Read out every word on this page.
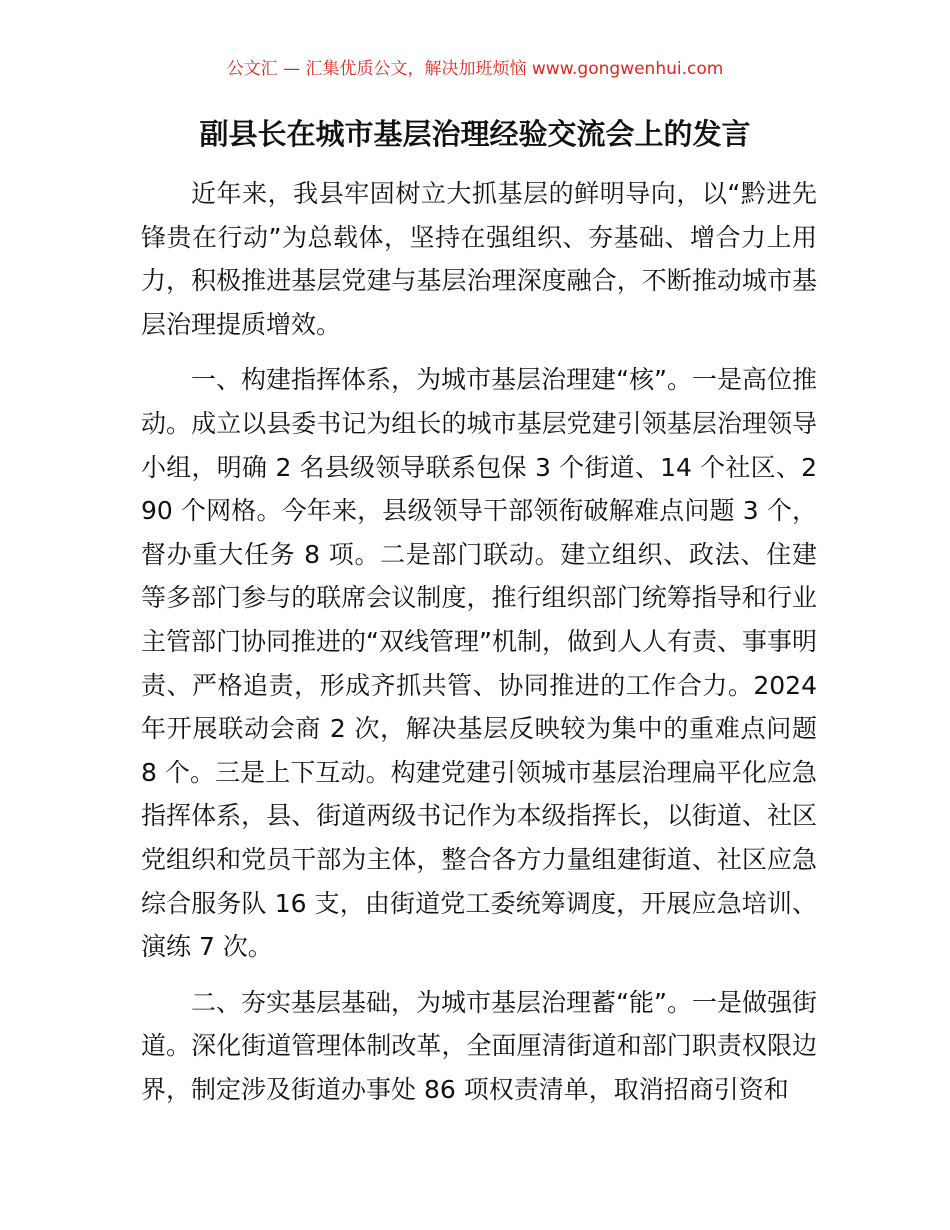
公文汇 — 汇集优质公文，解决加班烦恼 www.gongwenhui.com
副县长在城市基层治理经验交流会上的发言

近年来，我县牢固树立大抓基层的鲜明导向，以“黔进先锋贵在行动”为总载体，坚持在强组织、夯基础、增合力上用力，积极推进基层党建与基层治理深度融合，不断推动城市基层治理提质增效。

一、构建指挥体系，为城市基层治理建“核”。一是高位推动。成立以县委书记为组长的城市基层党建引领基层治理领导小组，明确 2 名县级领导联系包保 3 个街道、14 个社区、290 个网格。今年来，县级领导干部领衔破解难点问题 3 个，督办重大任务 8 项。二是部门联动。建立组织、政法、住建等多部门参与的联席会议制度，推行组织部门统筹指导和行业主管部门协同推进的“双线管理”机制，做到人人有责、事事明责、严格追责，形成齐抓共管、协同推进的工作合力。2024 年开展联动会商 2 次，解决基层反映较为集中的重难点问题 8 个。三是上下互动。构建党建引领城市基层治理扁平化应急指挥体系，县、街道两级书记作为本级指挥长，以街道、社区党组织和党员干部为主体，整合各方力量组建街道、社区应急综合服务队 16 支，由街道党工委统筹调度，开展应急培训、演练 7 次。

二、夯实基层基础，为城市基层治理蓄“能”。一是做强街道。深化街道管理体制改革，全面厘清街道和部门职责权限边界，制定涉及街道办事处 86 项权责清单，取消招商引资和
